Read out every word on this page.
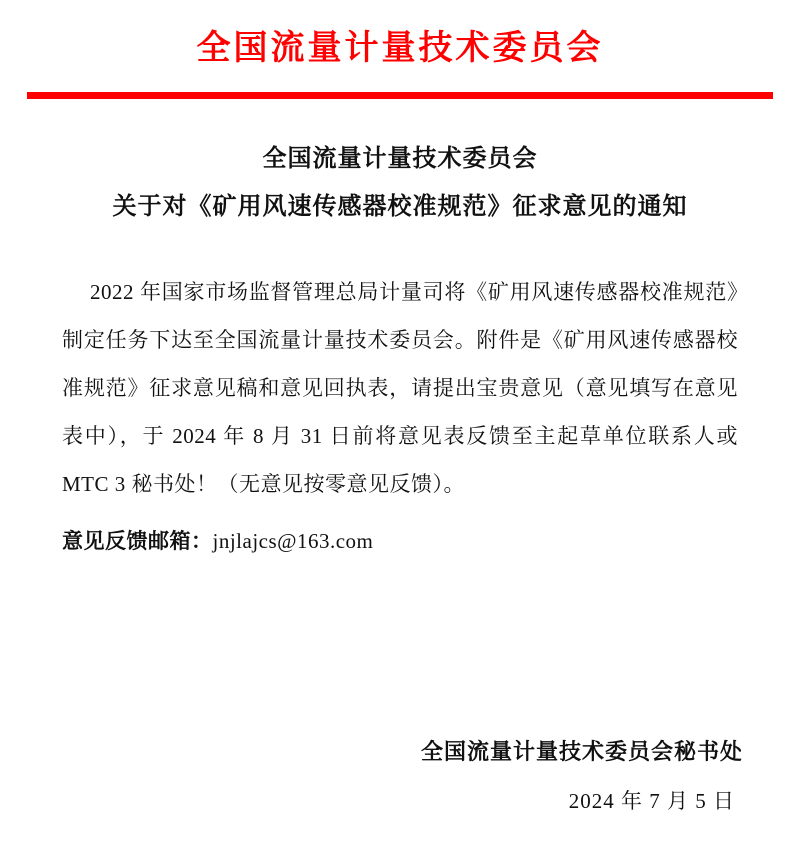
全国流量计量技术委员会
全国流量计量技术委员会
关于对《矿用风速传感器校准规范》征求意见的通知

2022 年国家市场监督管理总局计量司将《矿用风速传感器校准规范》制定任务下达至全国流量计量技术委员会。附件是《矿用风速传感器校准规范》征求意见稿和意见回执表，请提出宝贵意见（意见填写在意见表中），于 2024 年 8 月 31 日前将意见表反馈至主起草单位联系人或 MTC 3 秘书处！（无意见按零意见反馈）。

意见反馈邮箱：jnjlajcs@163.com
全国流量计量技术委员会秘书处
2024 年 7 月 5 日
